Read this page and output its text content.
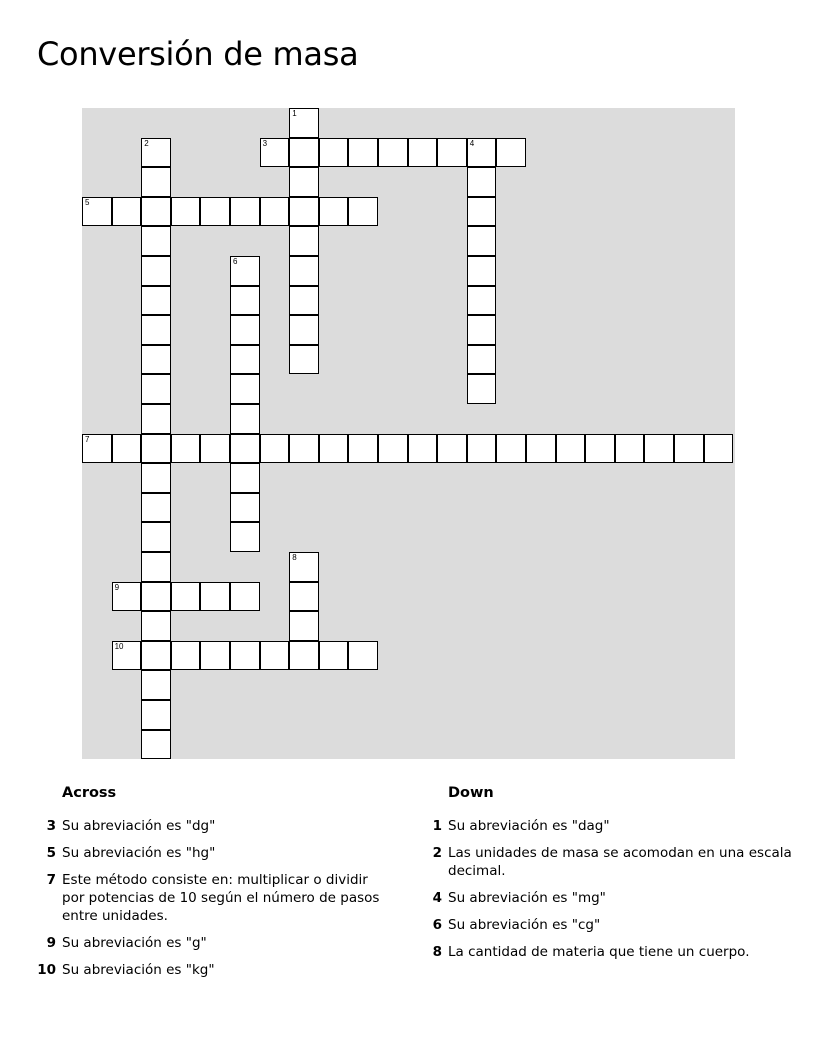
Conversión de masa
1
2	3	4
5
6
7
8
9
10
Across
3 Su abreviación es "dg"
5 Su abreviación es "hg"
7 Este método consiste en: multiplicar o dividir por potencias de 10 según el número de pasos entre unidades.
9 Su abreviación es "g"
10 Su abreviación es "kg"
Down
1 Su abreviación es "dag"
2 Las unidades de masa se acomodan en una escala decimal.
4 Su abreviación es "mg"
6 Su abreviación es "cg"
8 La cantidad de materia que tiene un cuerpo.
